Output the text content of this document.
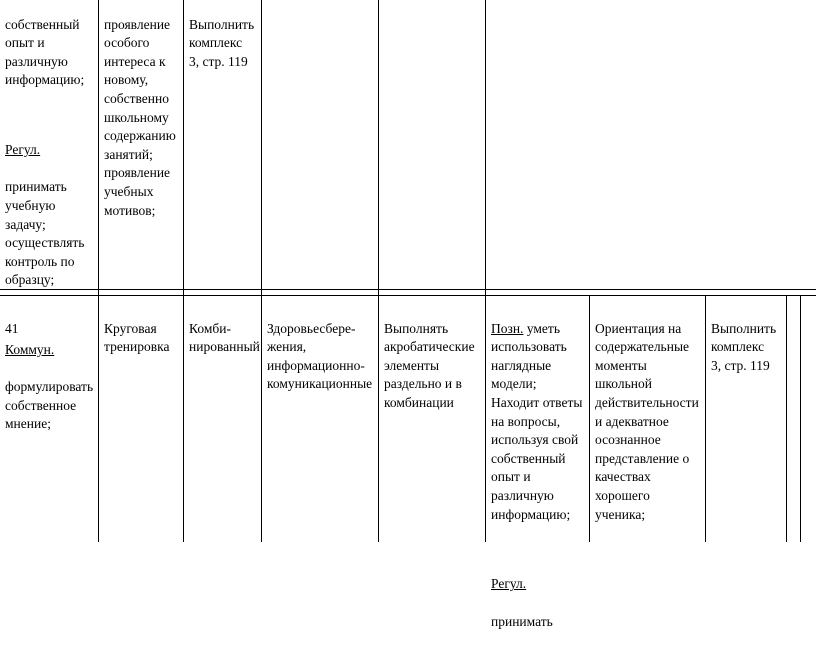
собственный
опыт и
различную
информацию;

Регул.

принимать
учебную
задачу;
осуществлять
контроль по
образцу;

Коммун.

формулировать
собственное
мнение;

проявление
особого
интереса к
новому,
собственно
школьному
содержанию
занятий;
проявление
учебных
мотивов;

Выполнить
комплекс
3, стр. 119

41	Круговая
тренировка

Комби-
нированный

Здоровьесбере-
жения,
информационно-
комуникационные

Выполнять
акробатические
элементы
раздельно и в
комбинации

Позн. уметь
использовать
наглядные
модели;
Находит ответы
на вопросы,
используя свой
собственный
опыт и
различную
информацию;

Регул.

принимать

Ориентация на
содержательные
моменты
школьной
действительности
и адекватное
осознанное
представление о
качествах
хорошего
ученика;

Выполнить
комплекс
3, стр. 119
